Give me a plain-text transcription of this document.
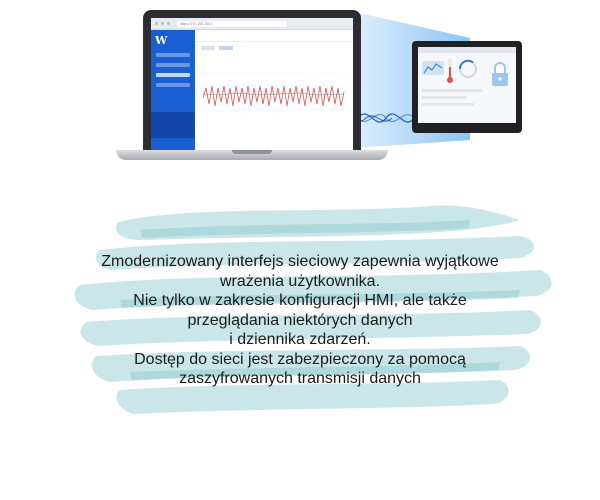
https://192.168.100.1
W
Zmodernizowany interfejs sieciowy zapewnia wyjątkowe
wrażenia użytkownika.
Nie tylko w zakresie konfiguracji HMI, ale także
przeglądania niektórych danych
i dziennika zdarzeń.
Dostęp do sieci jest zabezpieczony za pomocą
zaszyfrowanych transmisji danych
